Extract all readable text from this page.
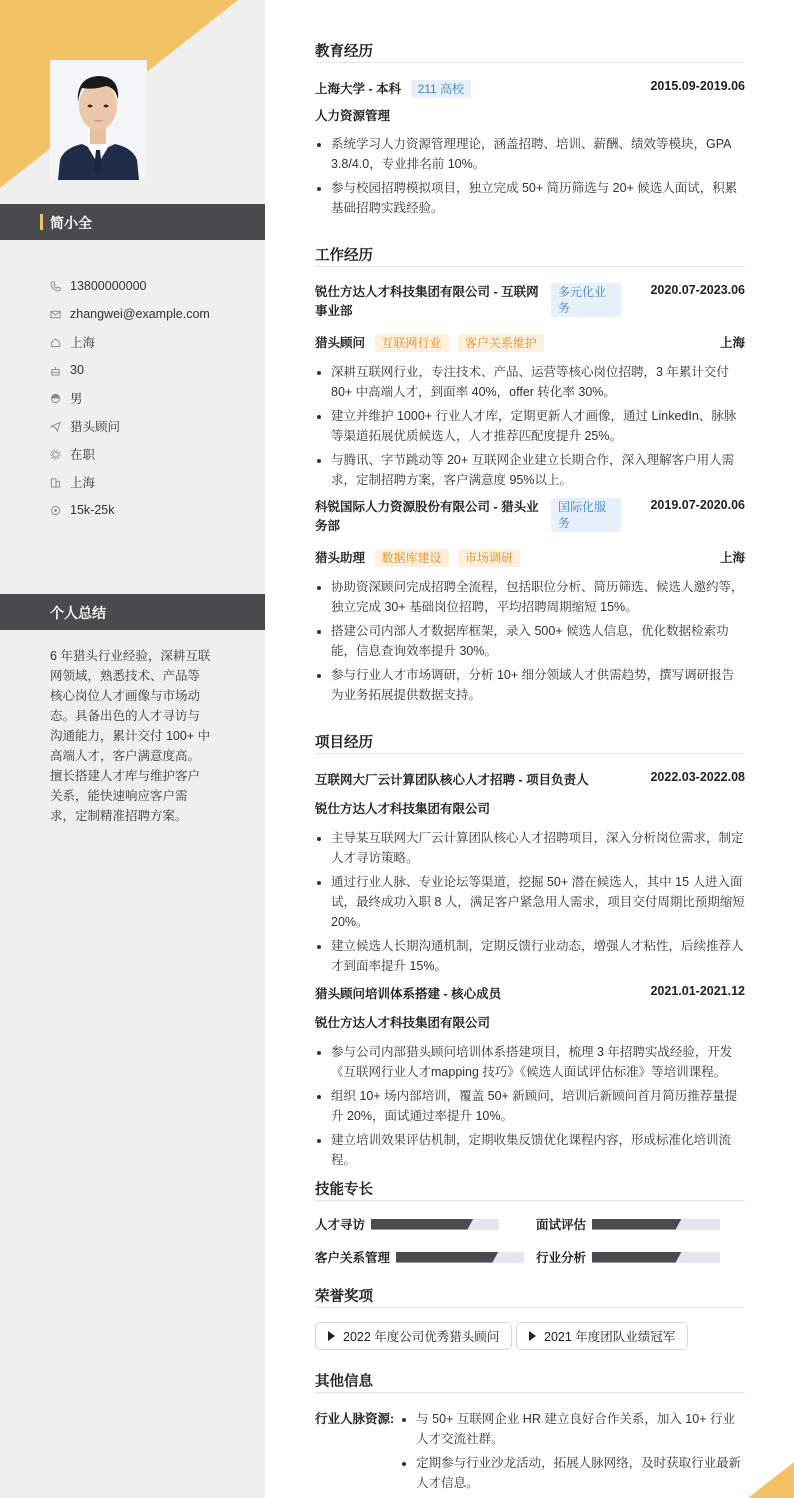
简小全
13800000000
zhangwei@example.com
上海
30
男
猎头顾问
在职
上海
15k-25k
个人总结
6 年猎头行业经验，深耕互联网领域，熟悉技术、产品等核心岗位人才画像与市场动态。具备出色的人才寻访与沟通能力，累计交付 100+ 中高端人才，客户满意度高。 擅长搭建人才库与维护客户关系，能快速响应客户需求，定制精准招聘方案。
教育经历
上海大学 - 本科 211 高校	2015.09-2019.06
人力资源管理
系统学习人力资源管理理论，涵盖招聘、培训、薪酬、绩效等模块，GPA 3.8/4.0，专业排名前 10%。
参与校园招聘模拟项目，独立完成 50+ 简历筛选与 20+ 候选人面试，积累基础招聘实践经验。
工作经历
锐仕方达人才科技集团有限公司 - 互联网事业部
多元化业务
2020.07-2023.06
猎头顾问 互联网行业 客户关系维护	上海
深耕互联网行业，专注技术、产品、运营等核心岗位招聘，3 年累计交付 80+ 中高端人才，到面率 40%，offer 转化率 30%。
建立并维护 1000+ 行业人才库，定期更新人才画像，通过 LinkedIn、脉脉等渠道拓展优质候选人，人才推荐匹配度提升 25%。
与腾讯、字节跳动等 20+ 互联网企业建立长期合作，深入理解客户用人需求，定制招聘方案，客户满意度 95%以上。
科锐国际人力资源股份有限公司 - 猎头业务部
国际化服务
2019.07-2020.06
猎头助理 数据库建设 市场调研	上海
协助资深顾问完成招聘全流程，包括职位分析、简历筛选、候选人邀约等，独立完成 30+ 基础岗位招聘，平均招聘周期缩短 15%。
搭建公司内部人才数据库框架，录入 500+ 候选人信息，优化数据检索功能，信息查询效率提升 30%。
参与行业人才市场调研，分析 10+ 细分领域人才供需趋势，撰写调研报告为业务拓展提供数据支持。
项目经历
互联网大厂云计算团队核心人才招聘 - 项目负责人	2022.03-2022.08
锐仕方达人才科技集团有限公司
主导某互联网大厂云计算团队核心人才招聘项目，深入分析岗位需求，制定人才寻访策略。
通过行业人脉、专业论坛等渠道，挖掘 50+ 潜在候选人，其中 15 人进入面试，最终成功入职 8 人，满足客户紧急用人需求，项目交付周期比预期缩短 20%。
建立候选人长期沟通机制，定期反馈行业动态，增强人才粘性，后续推荐人才到面率提升 15%。
猎头顾问培训体系搭建 - 核心成员	2021.01-2021.12
锐仕方达人才科技集团有限公司
参与公司内部猎头顾问培训体系搭建项目，梳理 3 年招聘实战经验，开发《互联网行业人才mapping 技巧》《候选人面试评估标准》等培训课程。
组织 10+ 场内部培训，覆盖 50+ 新顾问，培训后新顾问首月简历推荐量提升 20%，面试通过率提升 10%。
建立培训效果评估机制，定期收集反馈优化课程内容，形成标准化培训流程。
技能专长
人才寻访	面试评估
客户关系管理	行业分析
荣誉奖项
2022 年度公司优秀猎头顾问	2021 年度团队业绩冠军
其他信息
行业人脉资源:	与 50+ 互联网企业 HR 建立良好合作关系，加入 10+ 行业人才交流社群。
定期参与行业沙龙活动，拓展人脉网络，及时获取行业最新人才信息。
